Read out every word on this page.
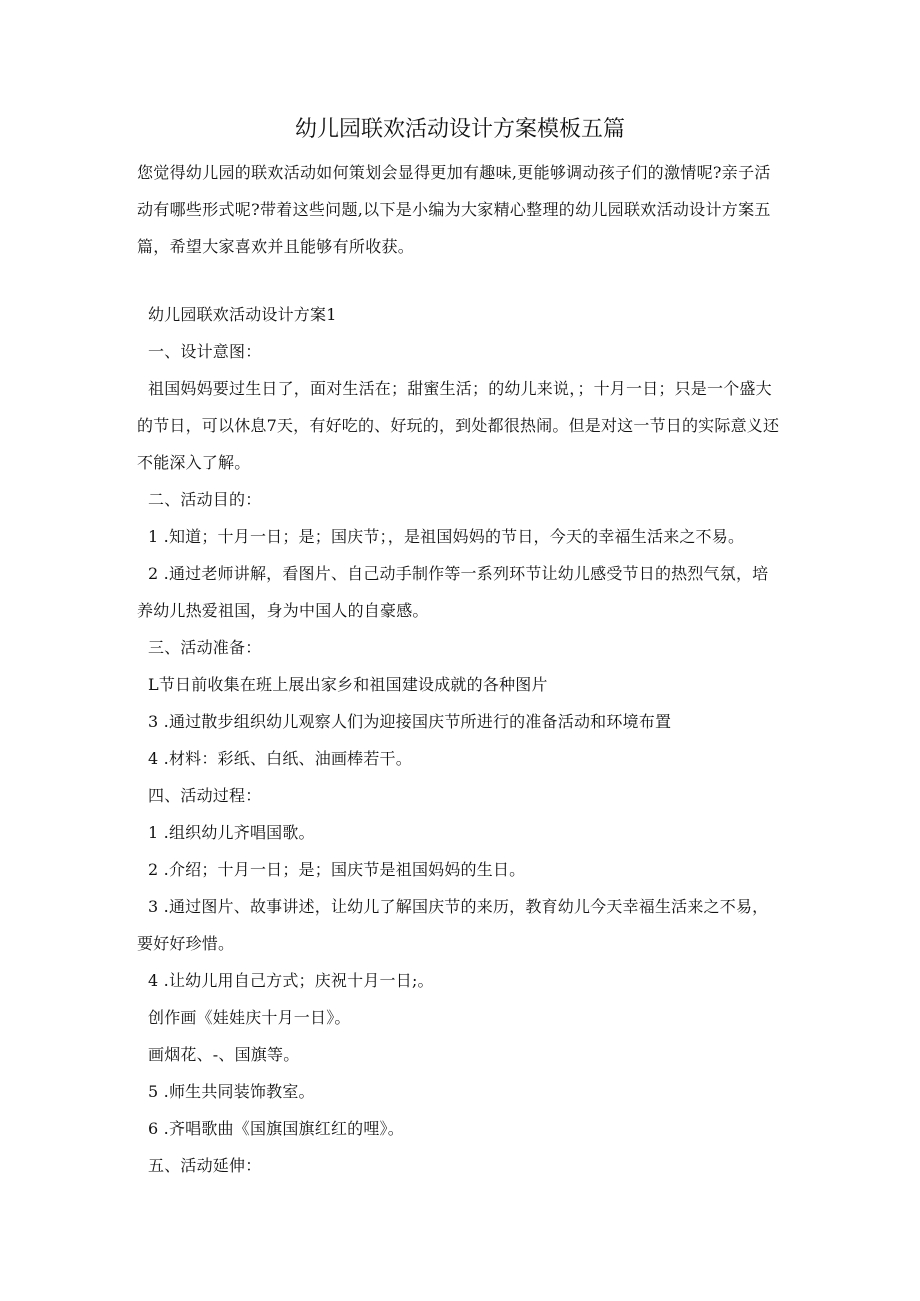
幼儿园联欢活动设计方案模板五篇

您觉得幼儿园的联欢活动如何策划会显得更加有趣味,更能够调动孩子们的激情呢?亲子活动有哪些形式呢?带着这些问题,以下是小编为大家精心整理的幼儿园联欢活动设计方案五篇，希望大家喜欢并且能够有所收获。

幼儿园联欢活动设计方案1

一、设计意图：

祖国妈妈要过生日了，面对生活在；甜蜜生活；的幼儿来说，；十月一日；只是一个盛大的节日，可以休息7天，有好吃的、好玩的，到处都很热闹。但是对这一节日的实际意义还不能深入了解。

二、活动目的：

1 .知道；十月一日；是；国庆节；，是祖国妈妈的节日，今天的幸福生活来之不易。

2 .通过老师讲解，看图片、自己动手制作等一系列环节让幼儿感受节日的热烈气氛，培养幼儿热爱祖国，身为中国人的自豪感。

三、活动准备：

L节日前收集在班上展出家乡和祖国建设成就的各种图片

3 .通过散步组织幼儿观察人们为迎接国庆节所进行的准备活动和环境布置

4 .材料：彩纸、白纸、油画棒若干。

四、活动过程：

1 .组织幼儿齐唱国歌。

2 .介绍；十月一日；是；国庆节是祖国妈妈的生日。

3 .通过图片、故事讲述，让幼儿了解国庆节的来历，教育幼儿今天幸福生活来之不易，要好好珍惜。

4 .让幼儿用自己方式；庆祝十月一日;。

创作画《娃娃庆十月一日》。

画烟花、-、国旗等。

5 .师生共同装饰教室。

6 .齐唱歌曲《国旗国旗红红的哩》。

五、活动延伸：
